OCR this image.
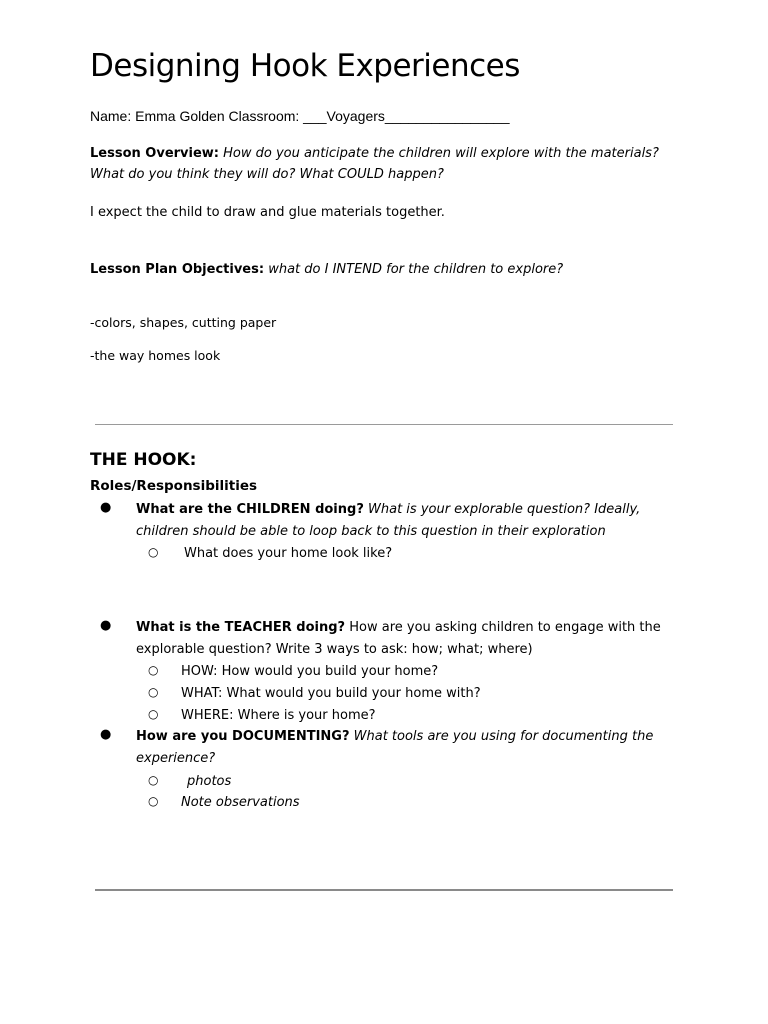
Designing Hook Experiences
Name: Emma Golden Classroom: ___Voyagers________________
Lesson Overview: How do you anticipate the children will explore with the materials? What do you think they will do? What COULD happen?
I expect the child to draw and glue materials together.
Lesson Plan Objectives: what do I INTEND for the children to explore?
-colors, shapes, cutting paper
-the way homes look
THE HOOK:
Roles/Responsibilities
● What are the CHILDREN doing? What is your explorable question? Ideally, children should be able to loop back to this question in their exploration
○ What does your home look like?
● What is the TEACHER doing? How are you asking children to engage with the explorable question? Write 3 ways to ask: how; what; where)
○ HOW: How would you build your home?
○ WHAT: What would you build your home with?
○ WHERE: Where is your home?
● How are you DOCUMENTING? What tools are you using for documenting the experience?
○ photos
○ Note observations
